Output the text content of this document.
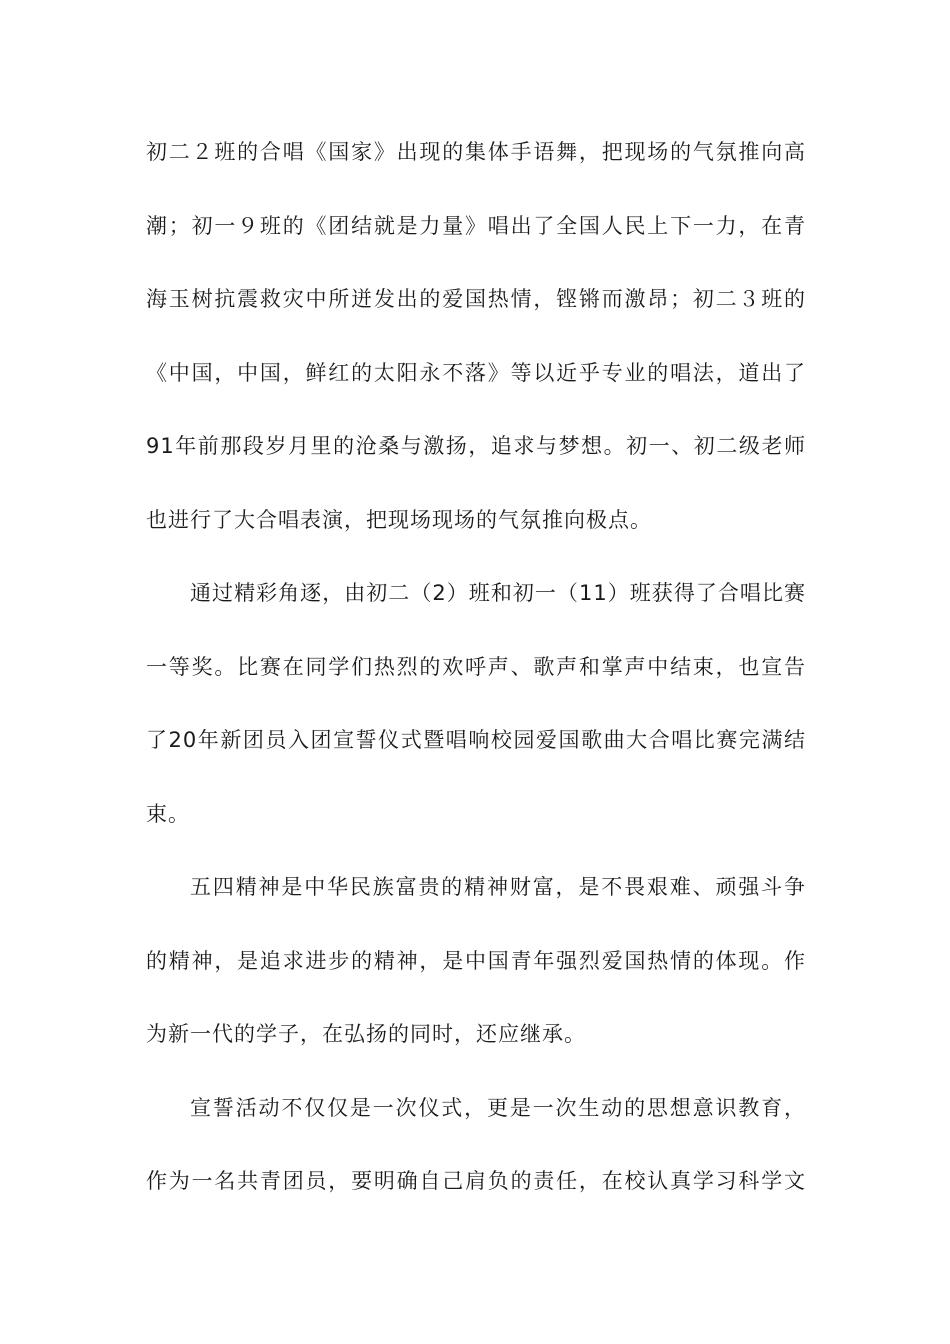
初二２班的合唱《国家》出现的集体手语舞，把现场的气氛推向高
潮；初一９班的《团结就是力量》唱出了全国人民上下一力，在青
海玉树抗震救灾中所迸发出的爱国热情，铿锵而激昂；初二３班的
《中国，中国，鲜红的太阳永不落》等以近乎专业的唱法，道出了
91年前那段岁月里的沧桑与激扬，追求与梦想。初一、初二级老师
也进行了大合唱表演，把现场现场的气氛推向极点。
通过精彩角逐，由初二（2）班和初一（11）班获得了合唱比赛
一等奖。比赛在同学们热烈的欢呼声、歌声和掌声中结束，也宣告
了20年新团员入团宣誓仪式暨唱响校园爱国歌曲大合唱比赛完满结
束。
五四精神是中华民族富贵的精神财富，是不畏艰难、顽强斗争
的精神，是追求进步的精神，是中国青年强烈爱国热情的体现。作
为新一代的学子，在弘扬的同时，还应继承。
宣誓活动不仅仅是一次仪式，更是一次生动的思想意识教育，
作为一名共青团员，要明确自己肩负的责任，在校认真学习科学文
